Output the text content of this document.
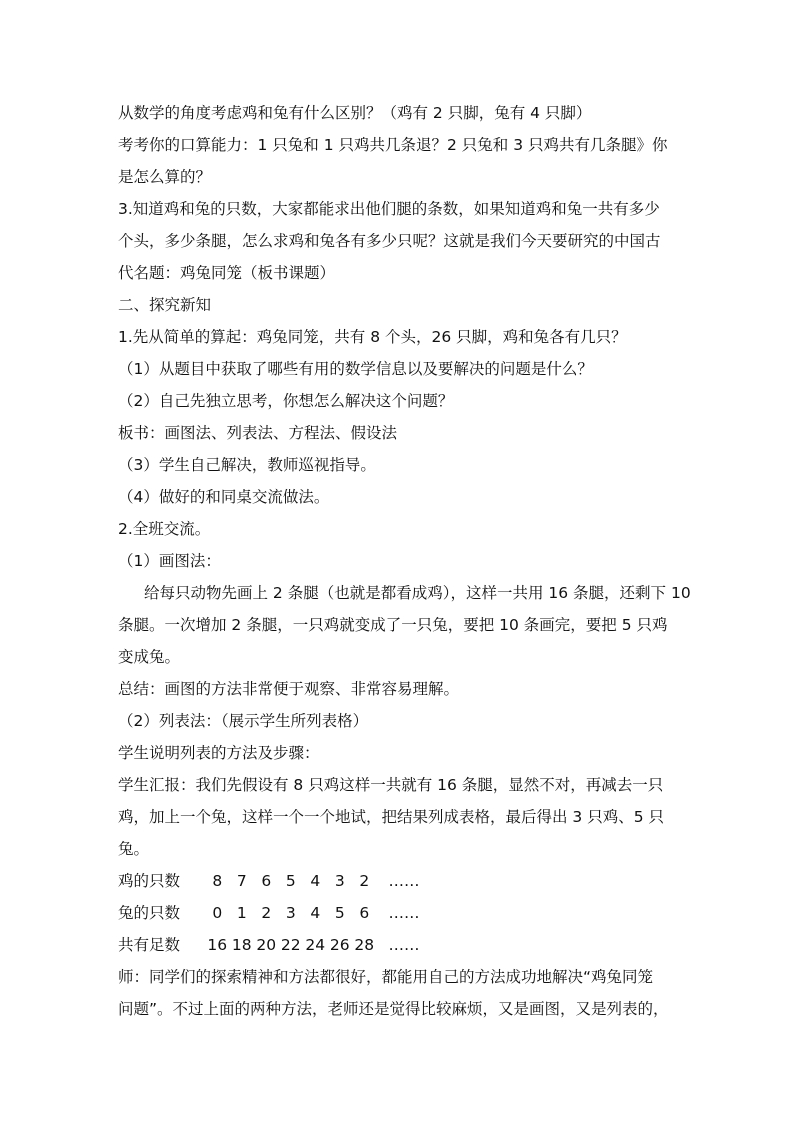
从数学的角度考虑鸡和兔有什么区别？（鸡有 2 只脚，兔有 4 只脚）
考考你的口算能力：1 只兔和 1 只鸡共几条退？2 只兔和 3 只鸡共有几条腿》你
是怎么算的？
3.知道鸡和兔的只数，大家都能求出他们腿的条数，如果知道鸡和兔一共有多少
个头，多少条腿，怎么求鸡和兔各有多少只呢？这就是我们今天要研究的中国古
代名题：鸡兔同笼（板书课题）
二、探究新知
1.先从简单的算起：鸡兔同笼，共有 8 个头，26 只脚，鸡和兔各有几只？
（1）从题目中获取了哪些有用的数学信息以及要解决的问题是什么？
（2）自己先独立思考，你想怎么解决这个问题？
板书：画图法、列表法、方程法、假设法
（3）学生自己解决，教师巡视指导。
（4）做好的和同桌交流做法。
2.全班交流。
（1）画图法：
给每只动物先画上 2 条腿（也就是都看成鸡），这样一共用 16 条腿，还剩下 10
条腿。一次增加 2 条腿，一只鸡就变成了一只兔，要把 10 条画完，要把 5 只鸡
变成兔。
总结：画图的方法非常便于观察、非常容易理解。
（2）列表法：（展示学生所列表格）
学生说明列表的方法及步骤：
学生汇报：我们先假设有 8 只鸡这样一共就有 16 条腿，显然不对，再减去一只
鸡，加上一个兔，这样一个一个地试，把结果列成表格，最后得出 3 只鸡、5 只
兔。
鸡的只数	8 7 6 5 4 3 2	……
兔的只数	0 1 2 3 4 5 6	……
共有足数	16 18 20 22 24 26 28 ……
师：同学们的探索精神和方法都很好，都能用自己的方法成功地解决“鸡兔同笼
问题”。不过上面的两种方法，老师还是觉得比较麻烦，又是画图，又是列表的，
